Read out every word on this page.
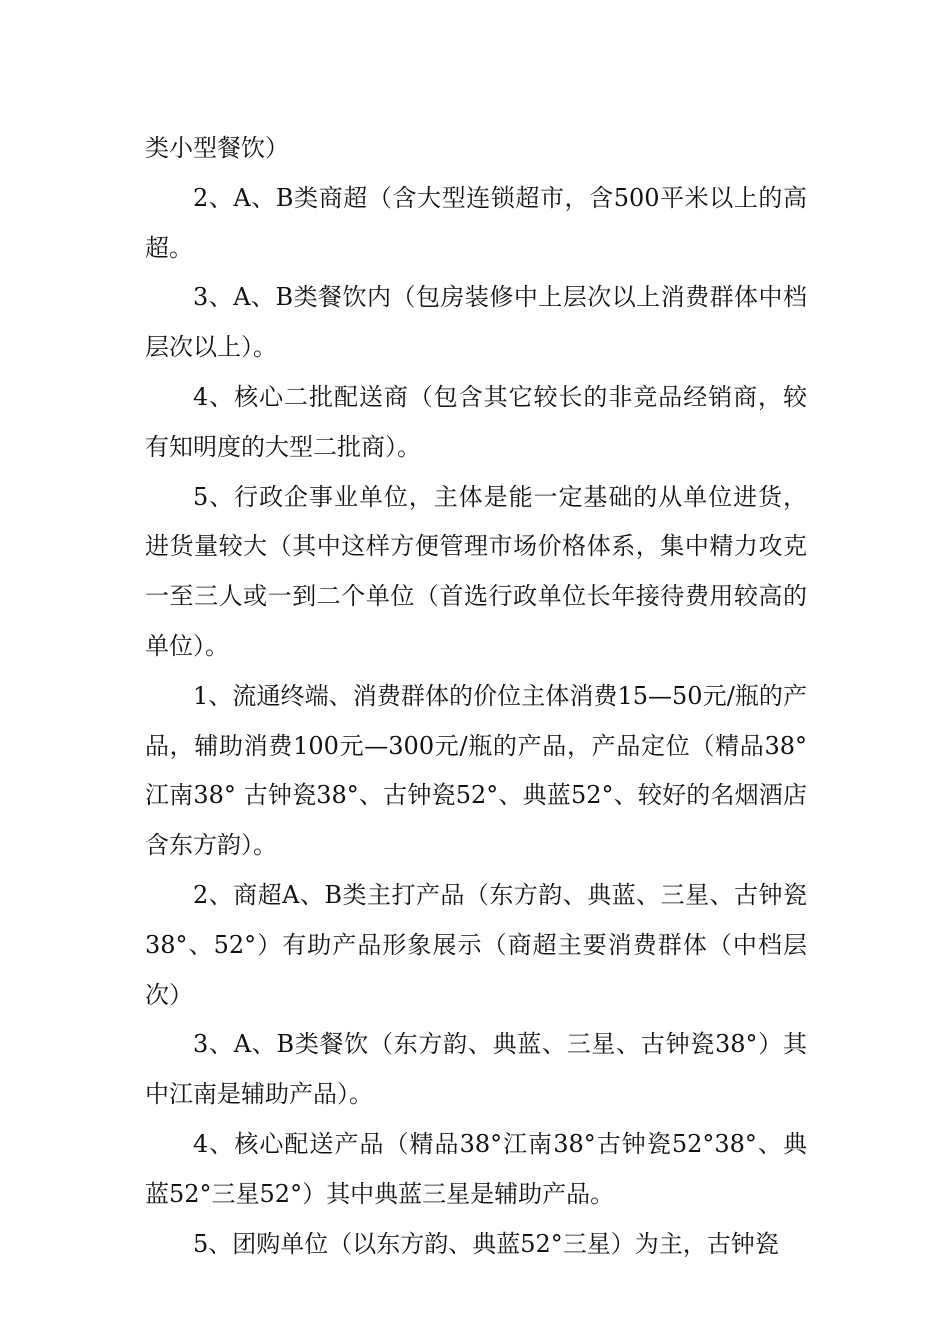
类小型餐饮）

2、A、B类商超（含大型连锁超市，含500平米以上的高超。

3、A、B类餐饮内（包房装修中上层次以上消费群体中档层次以上）。

4、核心二批配送商（包含其它较长的非竞品经销商，较有知明度的大型二批商）。

5、行政企事业单位，主体是能一定基础的从单位进货，进货量较大（其中这样方便管理市场价格体系，集中精力攻克一至三人或一到二个单位（首选行政单位长年接待费用较高的单位）。

1、流通终端、消费群体的价位主体消费15—50元/瓶的产品，辅助消费100元—300元/瓶的产品，产品定位（精品38° 江南38° 古钟瓷38°、古钟瓷52°、典蓝52°、较好的名烟酒店含东方韵）。

2、商超A、B类主打产品（东方韵、典蓝、三星、古钟瓷38°、52°）有助产品形象展示（商超主要消费群体（中档层次）

3、A、B类餐饮（东方韵、典蓝、三星、古钟瓷38°）其中江南是辅助产品）。

4、核心配送产品（精品38°江南38°古钟瓷52°38°、典蓝52°三星52°）其中典蓝三星是辅助产品。

5、团购单位（以东方韵、典蓝52°三星）为主，古钟瓷
